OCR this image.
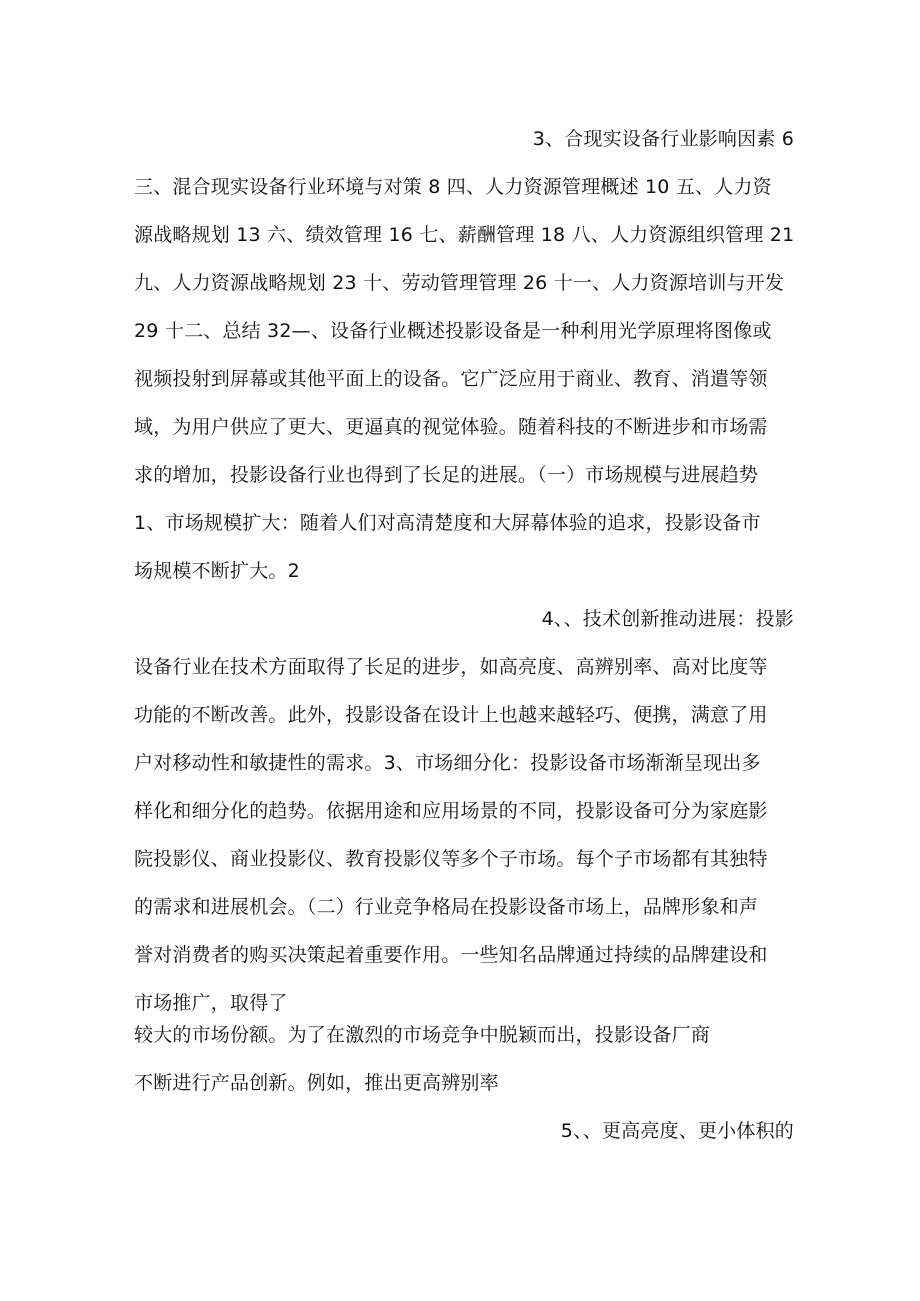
3、合现实设备行业影响因素 6
三、混合现实设备行业环境与对策 8 四、人力资源管理概述 10 五、人力资
源战略规划 13 六、绩效管理 16 七、薪酬管理 18 八、人力资源组织管理 21
九、人力资源战略规划 23 十、劳动管理管理 26 十一、人力资源培训与开发
29 十二、总结 32—、设备行业概述投影设备是一种利用光学原理将图像或
视频投射到屏幕或其他平面上的设备。它广泛应用于商业、教育、消遣等领
域，为用户供应了更大、更逼真的视觉体验。随着科技的不断进步和市场需
求的增加，投影设备行业也得到了长足的进展。（一）市场规模与进展趋势
1、市场规模扩大：随着人们对高清楚度和大屏幕体验的追求，投影设备市
场规模不断扩大。2
4、、技术创新推动进展：投影
设备行业在技术方面取得了长足的进步，如高亮度、高辨别率、高对比度等
功能的不断改善。此外，投影设备在设计上也越来越轻巧、便携，满意了用
户对移动性和敏捷性的需求。3、市场细分化：投影设备市场渐渐呈现出多
样化和细分化的趋势。依据用途和应用场景的不同，投影设备可分为家庭影
院投影仪、商业投影仪、教育投影仪等多个子市场。每个子市场都有其独特
的需求和进展机会。（二）行业竞争格局在投影设备市场上，品牌形象和声
誉对消费者的购买决策起着重要作用。一些知名品牌通过持续的品牌建设和
市场推广，取得了
较大的市场份额。为了在激烈的市场竞争中脱颖而出，投影设备厂商
不断进行产品创新。例如，推出更高辨别率
5、、更高亮度、更小体积的
